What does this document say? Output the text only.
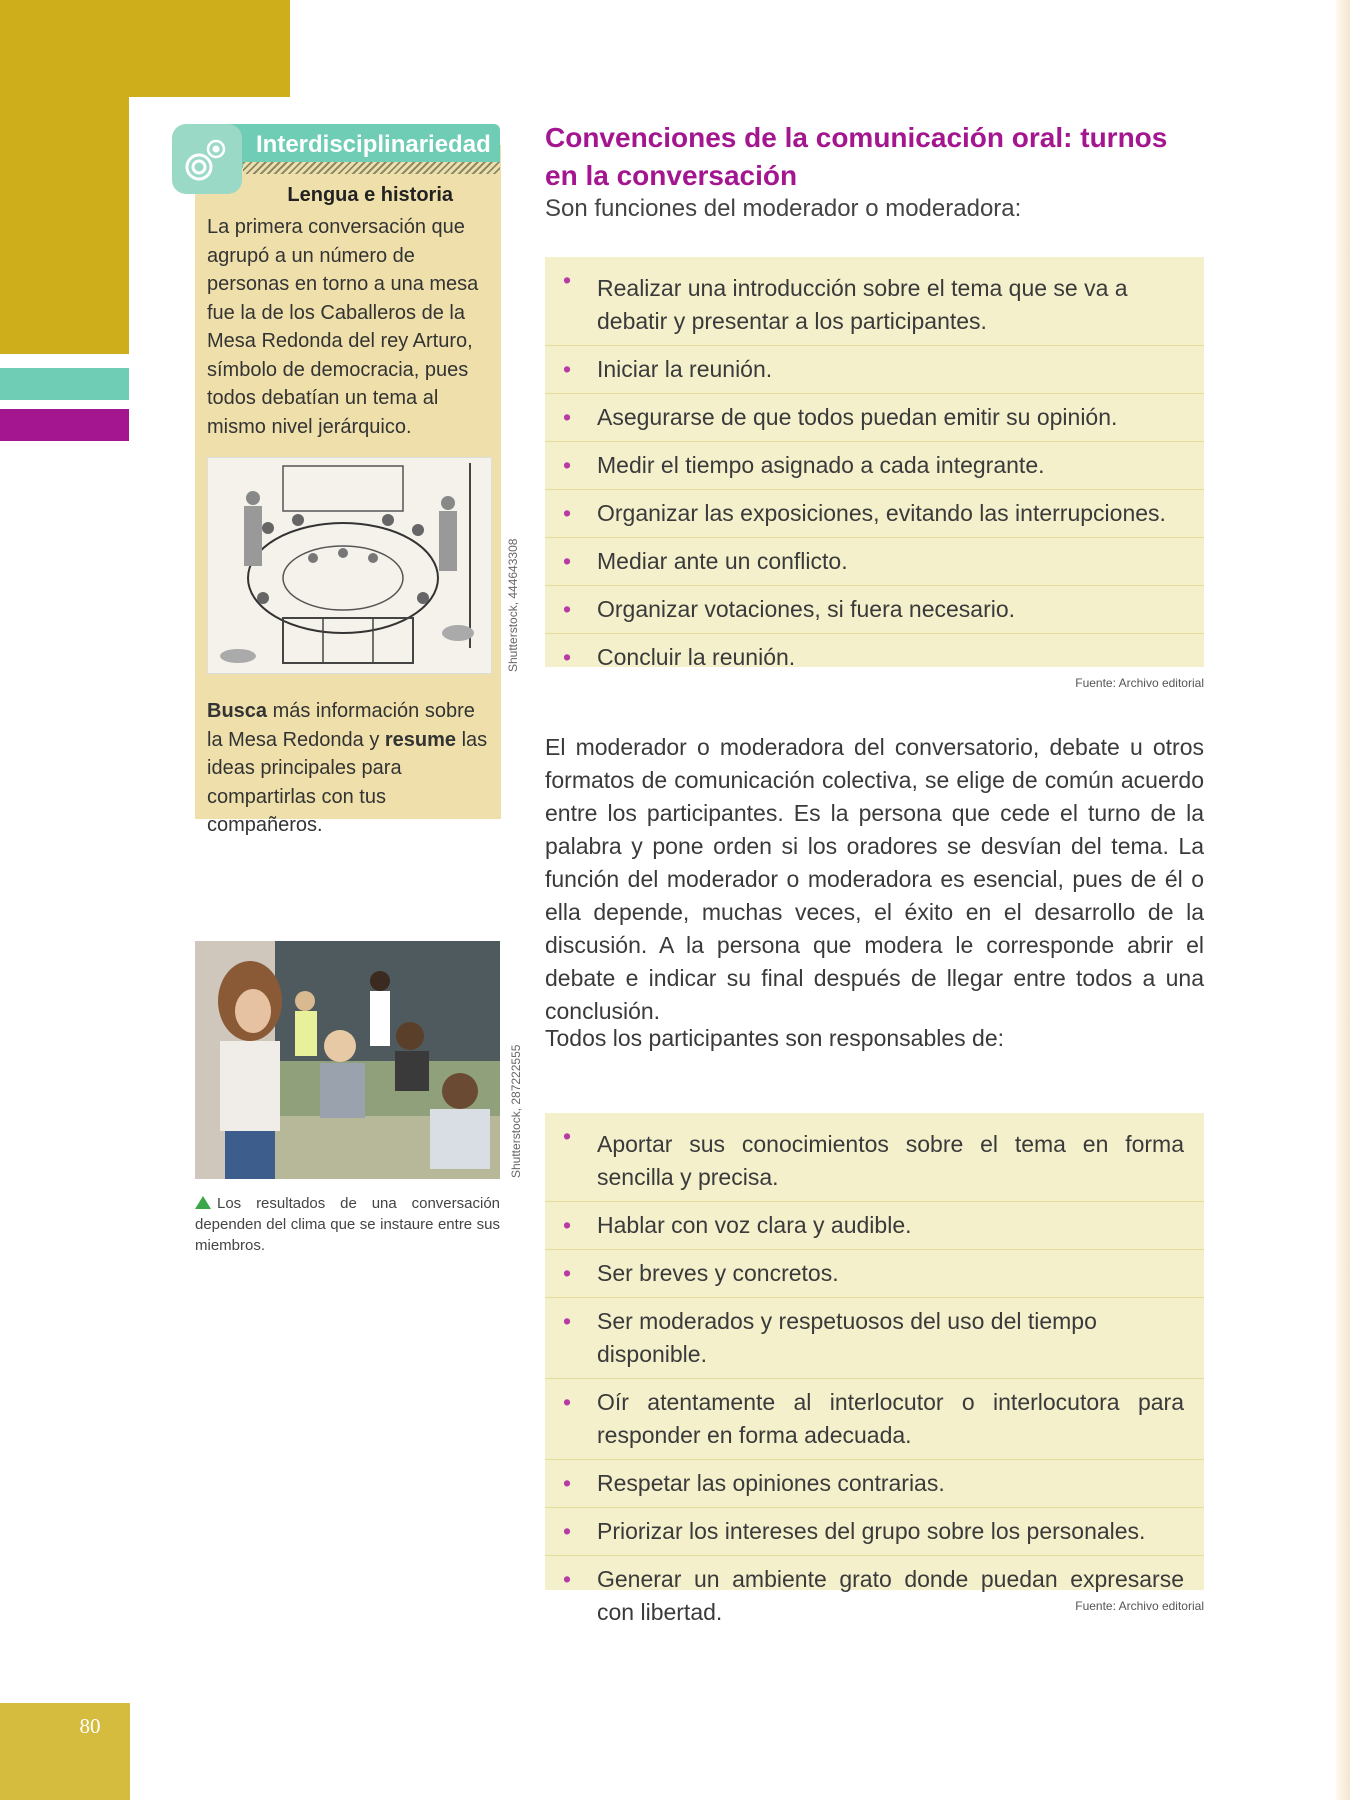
80
Interdisciplinariedad
Lengua e historia
La primera conversación que agrupó a un número de personas en torno a una mesa fue la de los Caballeros de la Mesa Redonda del rey Arturo, símbolo de democracia, pues todos debatían un tema al mismo nivel jerárquico.
Shutterstock, 444643308
Busca más información sobre la Mesa Redonda y resume las ideas principales para compartirlas con tus compañeros.
Shutterstock, 287222555
Los resultados de una conversación dependen del clima que se instaure entre sus miembros.
Convenciones de la comunicación oral: turnos en la conversación
Son funciones del moderador o moderadora:
• Realizar una introducción sobre el tema que se va a debatir y presentar a los participantes.
• Iniciar la reunión.
• Asegurarse de que todos puedan emitir su opinión.
• Medir el tiempo asignado a cada integrante.
• Organizar las exposiciones, evitando las interrupciones.
• Mediar ante un conflicto.
• Organizar votaciones, si fuera necesario.
• Concluir la reunión.
Fuente: Archivo editorial
El moderador o moderadora del conversatorio, debate u otros formatos de comunicación colectiva, se elige de común acuerdo entre los participantes. Es la persona que cede el turno de la palabra y pone orden si los oradores se desvían del tema. La función del moderador o moderadora es esencial, pues de él o ella depende, muchas veces, el éxito en el desarrollo de la discusión. A la persona que modera le corresponde abrir el debate e indicar su final después de llegar entre todos a una conclusión.
Todos los participantes son responsables de:
• Aportar sus conocimientos sobre el tema en forma sencilla y precisa.
• Hablar con voz clara y audible.
• Ser breves y concretos.
• Ser moderados y respetuosos del uso del tiempo disponible.
• Oír atentamente al interlocutor o interlocutora para responder en forma adecuada.
• Respetar las opiniones contrarias.
• Priorizar los intereses del grupo sobre los personales.
• Generar un ambiente grato donde puedan expresarse con libertad.	Fuente: Archivo editorial
